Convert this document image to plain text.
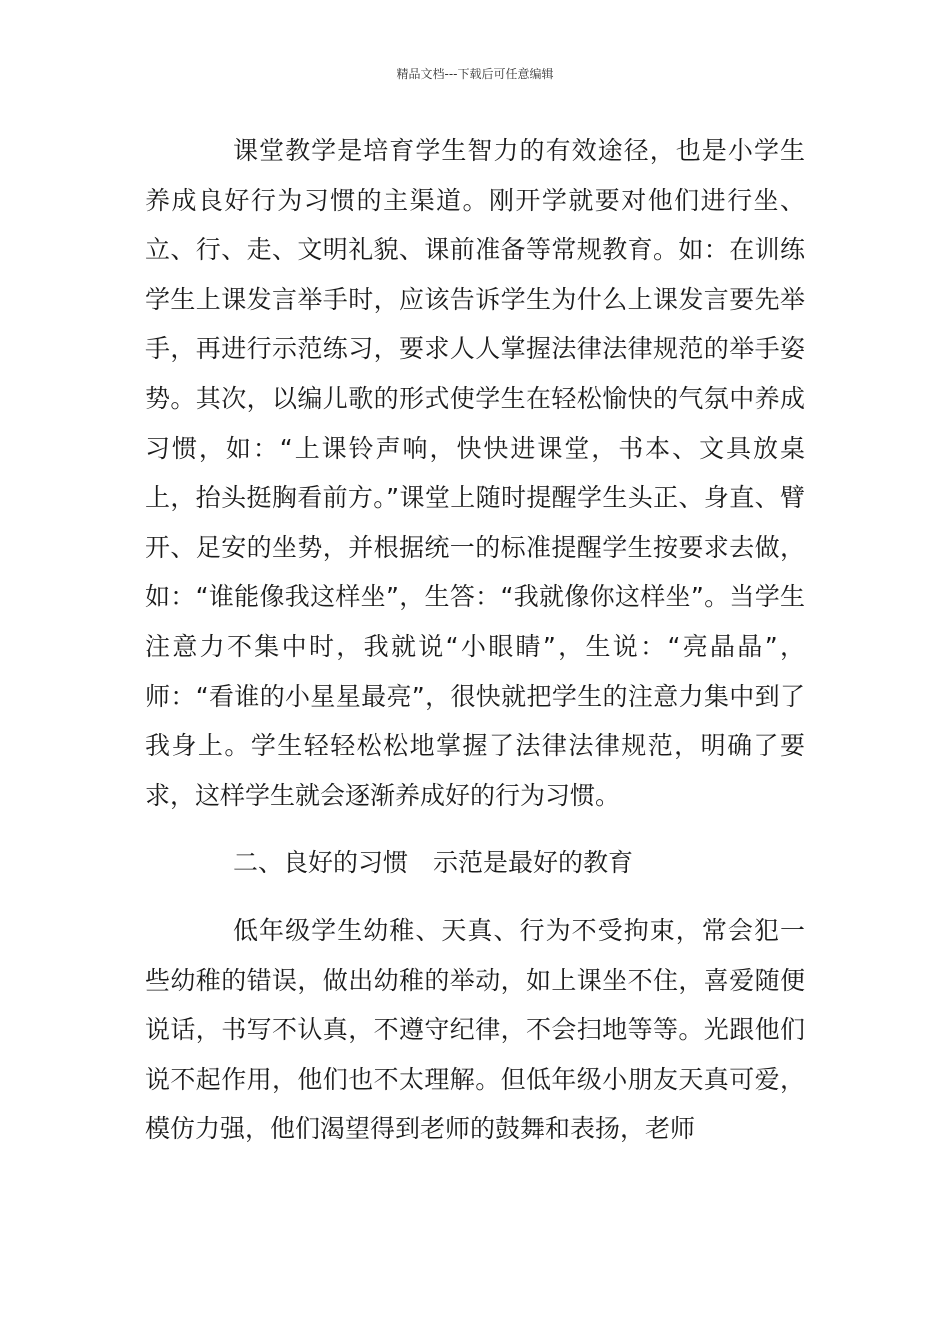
精品文档---下载后可任意编辑

课堂教学是培育学生智力的有效途径，也是小学生养成良好行为习惯的主渠道。刚开学就要对他们进行坐、立、行、走、文明礼貌、课前准备等常规教育。如：在训练学生上课发言举手时，应该告诉学生为什么上课发言要先举手，再进行示范练习，要求人人掌握法律法律规范的举手姿势。其次，以编儿歌的形式使学生在轻松愉快的气氛中养成习惯，如：“上课铃声响，快快进课堂，书本、文具放桌上，抬头挺胸看前方。”课堂上随时提醒学生头正、身直、臂开、足安的坐势，并根据统一的标准提醒学生按要求去做，如：“谁能像我这样坐”，生答：“我就像你这样坐”。当学生注意力不集中时，我就说“小眼睛”，生说：“亮晶晶”，师：“看谁的小星星最亮”，很快就把学生的注意力集中到了我身上。学生轻轻松松地掌握了法律法律规范，明确了要求，这样学生就会逐渐养成好的行为习惯。

二、良好的习惯　示范是最好的教育

低年级学生幼稚、天真、行为不受拘束，常会犯一些幼稚的错误，做出幼稚的举动，如上课坐不住，喜爱随便说话，书写不认真，不遵守纪律，不会扫地等等。光跟他们说不起作用，他们也不太理解。但低年级小朋友天真可爱，模仿力强，他们渴望得到老师的鼓舞和表扬，老师
